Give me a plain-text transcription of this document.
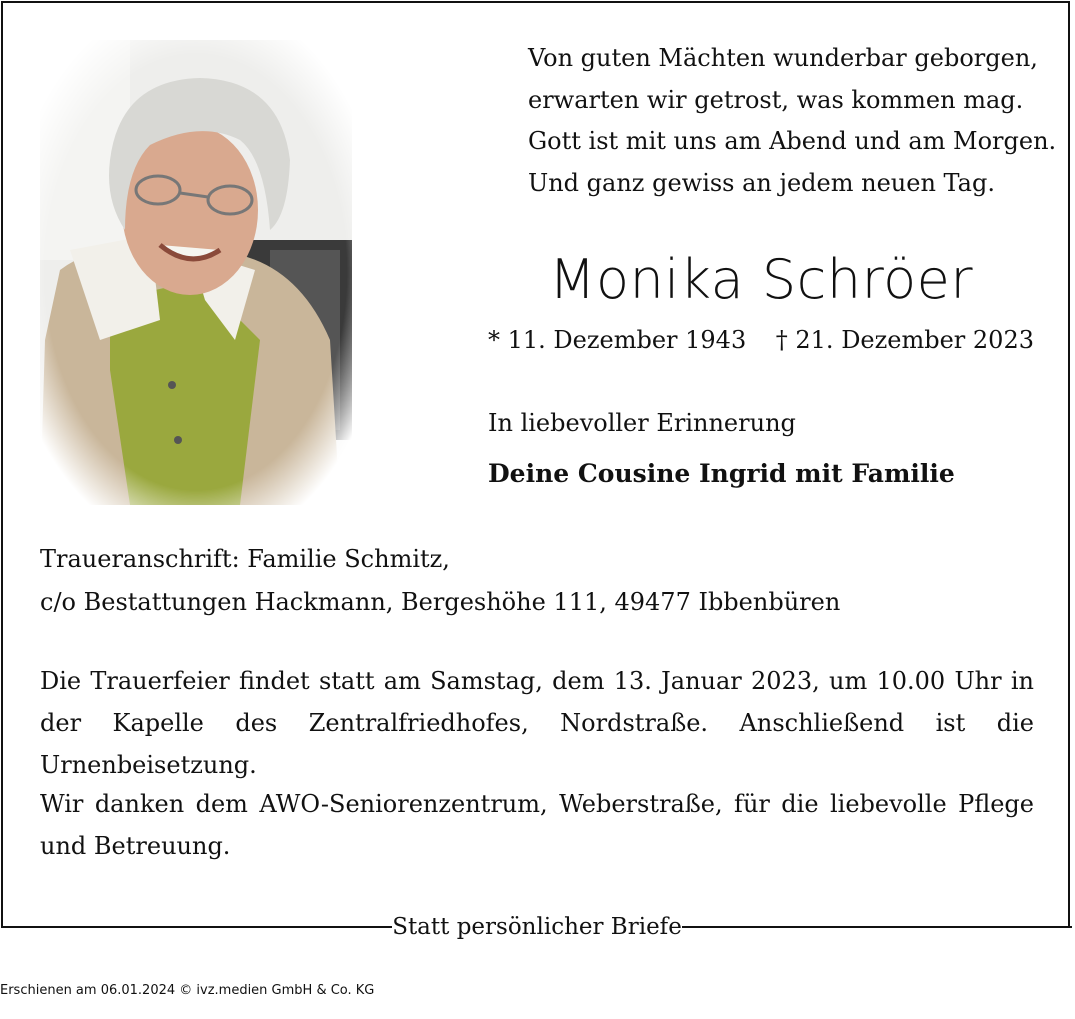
Statt persönlicher Briefe
Von guten Mächten wunderbar geborgen,
erwarten wir getrost, was kommen mag.
Gott ist mit uns am Abend und am Morgen.
Und ganz gewiss an jedem neuen Tag.
Monika Schröer
* 11. Dezember 1943 † 21. Dezember 2023
In liebevoller Erinnerung
Deine Cousine Ingrid mit Familie
Traueranschrift: Familie Schmitz,
c/o Bestattungen Hackmann, Bergeshöhe 111, 49477 Ibbenbüren
Die Trauerfeier findet statt am Samstag, dem 13. Januar 2023, um 10.00 Uhr in der Kapelle des Zentralfriedhofes, Nordstraße. Anschließend ist die Urnenbeisetzung.
Wir danken dem AWO-Seniorenzentrum, Weberstraße, für die liebevolle Pflege und Betreuung.
Erschienen am 06.01.2024 © ivz.medien GmbH & Co. KG
